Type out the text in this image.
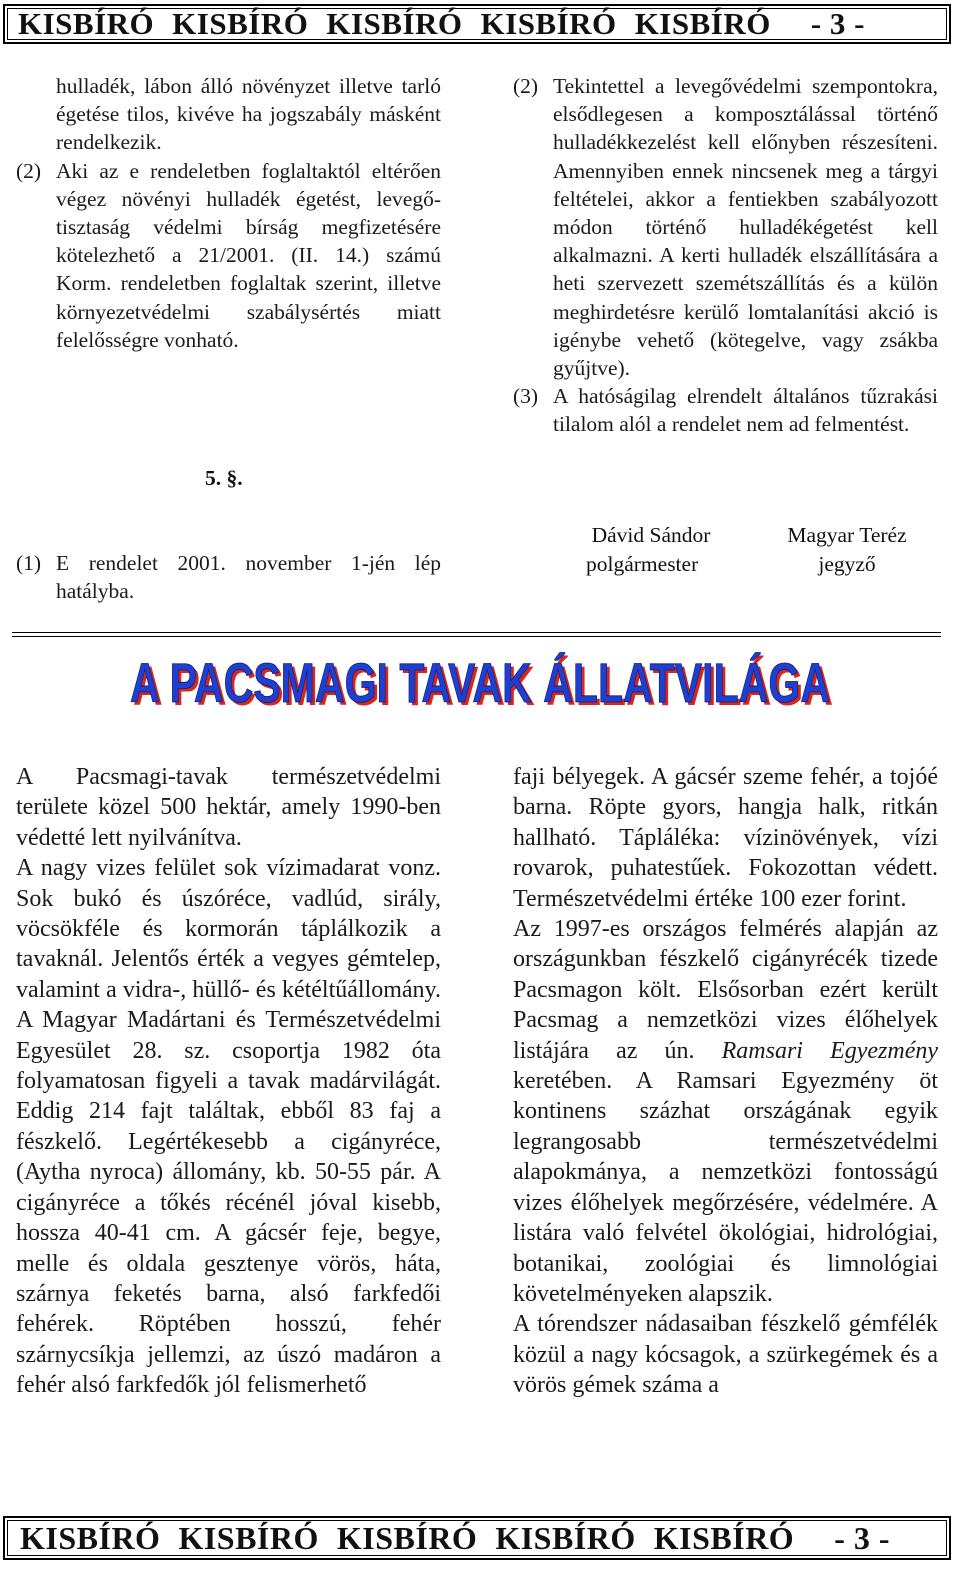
KISBÍRÓ KISBÍRÓ KISBÍRÓ KISBÍRÓ KISBÍRÓ - 3 -

hulladék, lábon álló növényzet illetve tarló égetése tilos, kivéve ha jogszabály másként rendelkezik.

(2) Aki az e rendeletben foglaltaktól eltérően végez növényi hulladék égetést, levegő-tisztaság védelmi bírság megfizetésére kötelezhető a 21/2001. (II. 14.) számú Korm. rendeletben foglaltak szerint, illetve környezetvédelmi szabálysértés miatt felelősségre vonható.
5. §.
(1) E rendelet 2001. november 1-jén lép hatályba.
(2) Tekintettel a levegővédelmi szempontokra, elsődlegesen a komposztálással történő hulladékkezelést kell előnyben részesíteni. Amennyiben ennek nincsenek meg a tárgyi feltételei, akkor a fentiekben szabályozott módon történő hulladékégetést kell alkalmazni. A kerti hulladék elszállítására a heti szervezett szemétszállítás és a külön meghirdetésre kerülő lomtalanítási akció is igénybe vehető (kötegelve, vagy zsákba gyűjtve).
(3) A hatóságilag elrendelt általános tűzrakási tilalom alól a rendelet nem ad felmentést.
Dávid Sándor
polgármester
Magyar Teréz
jegyző
A PACSMAGI TAVAK ÁLLATVILÁGA
A PACSMAGI TAVAK ÁLLATVILÁGA

A Pacsmagi-tavak természetvédelmi területe közel 500 hektár, amely 1990-ben védetté lett nyilvánítva.

A nagy vizes felület sok vízimadarat vonz. Sok bukó és úszóréce, vadlúd, sirály, vöcsökféle és kormorán táplálkozik a tavaknál. Jelentős érték a vegyes gémtelep, valamint a vidra-, hüllő- és kétéltűállomány. A Magyar Madártani és Természetvédelmi Egyesület 28. sz. csoportja 1982 óta folyamatosan figyeli a tavak madárvilágát. Eddig 214 fajt találtak, ebből 83 faj a fészkelő. Legértékesebb a cigányréce, (Aytha nyroca) állomány, kb. 50-55 pár. A cigányréce a tőkés récénél jóval kisebb, hossza 40-41 cm. A gácsér feje, begye, melle és oldala gesztenye vörös, háta, szárnya feketés barna, alsó farkfedői fehérek. Röptében hosszú, fehér szárnycsíkja jellemzi, az úszó madáron a fehér alsó farkfedők jól felismerhető

faji bélyegek. A gácsér szeme fehér, a tojóé barna. Röpte gyors, hangja halk, ritkán hallható. Tápláléka: vízinövények, vízi rovarok, puhatestűek. Fokozottan védett. Természetvédelmi értéke 100 ezer forint.

Az 1997-es országos felmérés alapján az országunkban fészkelő cigányrécék tizede Pacsmagon költ. Elsősorban ezért került Pacsmag a nemzetközi vizes élőhelyek listájára az ún. Ramsari Egyezmény keretében. A Ramsari Egyezmény öt kontinens százhat országának egyik legrangosabb természetvédelmi alapokmánya, a nemzetközi fontosságú vizes élőhelyek megőrzésére, védelmére. A listára való felvétel ökológiai, hidrológiai, botanikai, zoológiai és limnológiai követelményeken alapszik.

A tórendszer nádasaiban fészkelő gémfélék közül a nagy kócsagok, a szürkegémek és a vörös gémek száma a

KISBÍRÓ KISBÍRÓ KISBÍRÓ KISBÍRÓ KISBÍRÓ - 3 -
